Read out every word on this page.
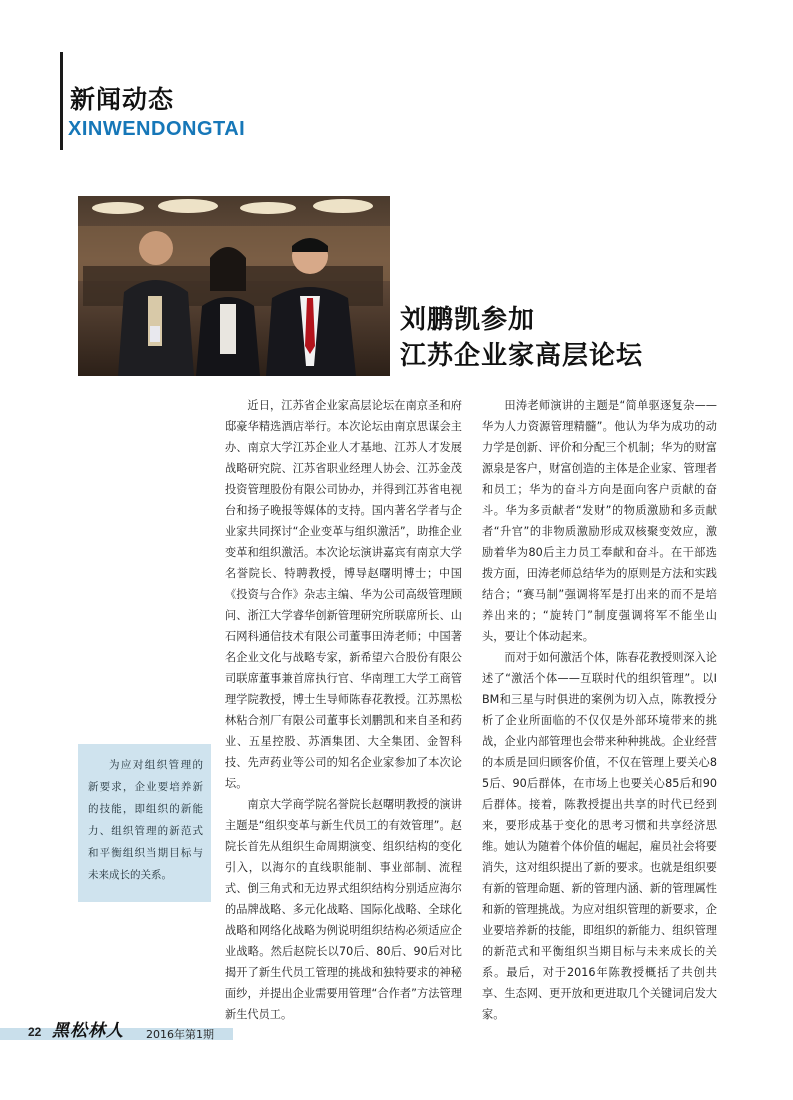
新闻动态
XINWENDONGTAI
刘鹏凯参加
江苏企业家高层论坛

近日，江苏省企业家高层论坛在南京圣和府邸豪华精选酒店举行。本次论坛由南京思谋会主办、南京大学江苏企业人才基地、江苏人才发展战略研究院、江苏省职业经理人协会、江苏金茂投资管理股份有限公司协办，并得到江苏省电视台和扬子晚报等媒体的支持。国内著名学者与企业家共同探讨“企业变革与组织激活”，助推企业变革和组织激活。本次论坛演讲嘉宾有南京大学名誉院长、特聘教授，博导赵曙明博士；中国《投资与合作》杂志主编、华为公司高级管理顾问、浙江大学睿华创新管理研究所联席所长、山石网科通信技术有限公司董事田涛老师；中国著名企业文化与战略专家，新希望六合股份有限公司联席董事兼首席执行官、华南理工大学工商管理学院教授，博士生导师陈春花教授。江苏黑松林粘合剂厂有限公司董事长刘鹏凯和来自圣和药业、五星控股、苏酒集团、大全集团、金智科技、先声药业等公司的知名企业家参加了本次论坛。

南京大学商学院名誉院长赵曙明教授的演讲主题是“组织变革与新生代员工的有效管理”。赵院长首先从组织生命周期演变、组织结构的变化引入，以海尔的直线职能制、事业部制、流程式、倒三角式和无边界式组织结构分别适应海尔的品牌战略、多元化战略、国际化战略、全球化战略和网络化战略为例说明组织结构必须适应企业战略。然后赵院长以70后、80后、90后对比揭开了新生代员工管理的挑战和独特要求的神秘面纱，并提出企业需要用管理“合作者”方法管理新生代员工。

田涛老师演讲的主题是“简单驱逐复杂——华为人力资源管理精髓”。他认为华为成功的动力学是创新、评价和分配三个机制；华为的财富源泉是客户，财富创造的主体是企业家、管理者和员工；华为的奋斗方向是面向客户贡献的奋斗。华为多贡献者“发财”的物质激励和多贡献者“升官”的非物质激励形成双核聚变效应，激励着华为80后主力员工奉献和奋斗。在干部选拨方面，田涛老师总结华为的原则是方法和实践结合；“赛马制”强调将军是打出来的而不是培养出来的；“旋转门”制度强调将军不能坐山头，要让个体动起来。

而对于如何激活个体，陈春花教授则深入论述了“激活个体——互联时代的组织管理”。以IBM和三星与时俱进的案例为切入点，陈教授分析了企业所面临的不仅仅是外部环境带来的挑战，企业内部管理也会带来种种挑战。企业经营的本质是回归顾客价值，不仅在管理上要关心85后、90后群体，在市场上也要关心85后和90后群体。接着，陈教授提出共享的时代已经到来，要形成基于变化的思考习惯和共享经济思维。她认为随着个体价值的崛起，雇员社会将要消失，这对组织提出了新的要求。也就是组织要有新的管理命题、新的管理内涵、新的管理属性和新的管理挑战。为应对组织管理的新要求，企业要培养新的技能，即组织的新能力、组织管理的新范式和平衡组织当期目标与未来成长的关系。最后，对于2016年陈教授概括了共创共享、生态网、更开放和更进取几个关键词启发大家。

为应对组织管理的新要求，企业要培养新的技能，即组织的新能力、组织管理的新范式和平衡组织当期目标与未来成长的关系。

22 黑松林人 2016年第1期
